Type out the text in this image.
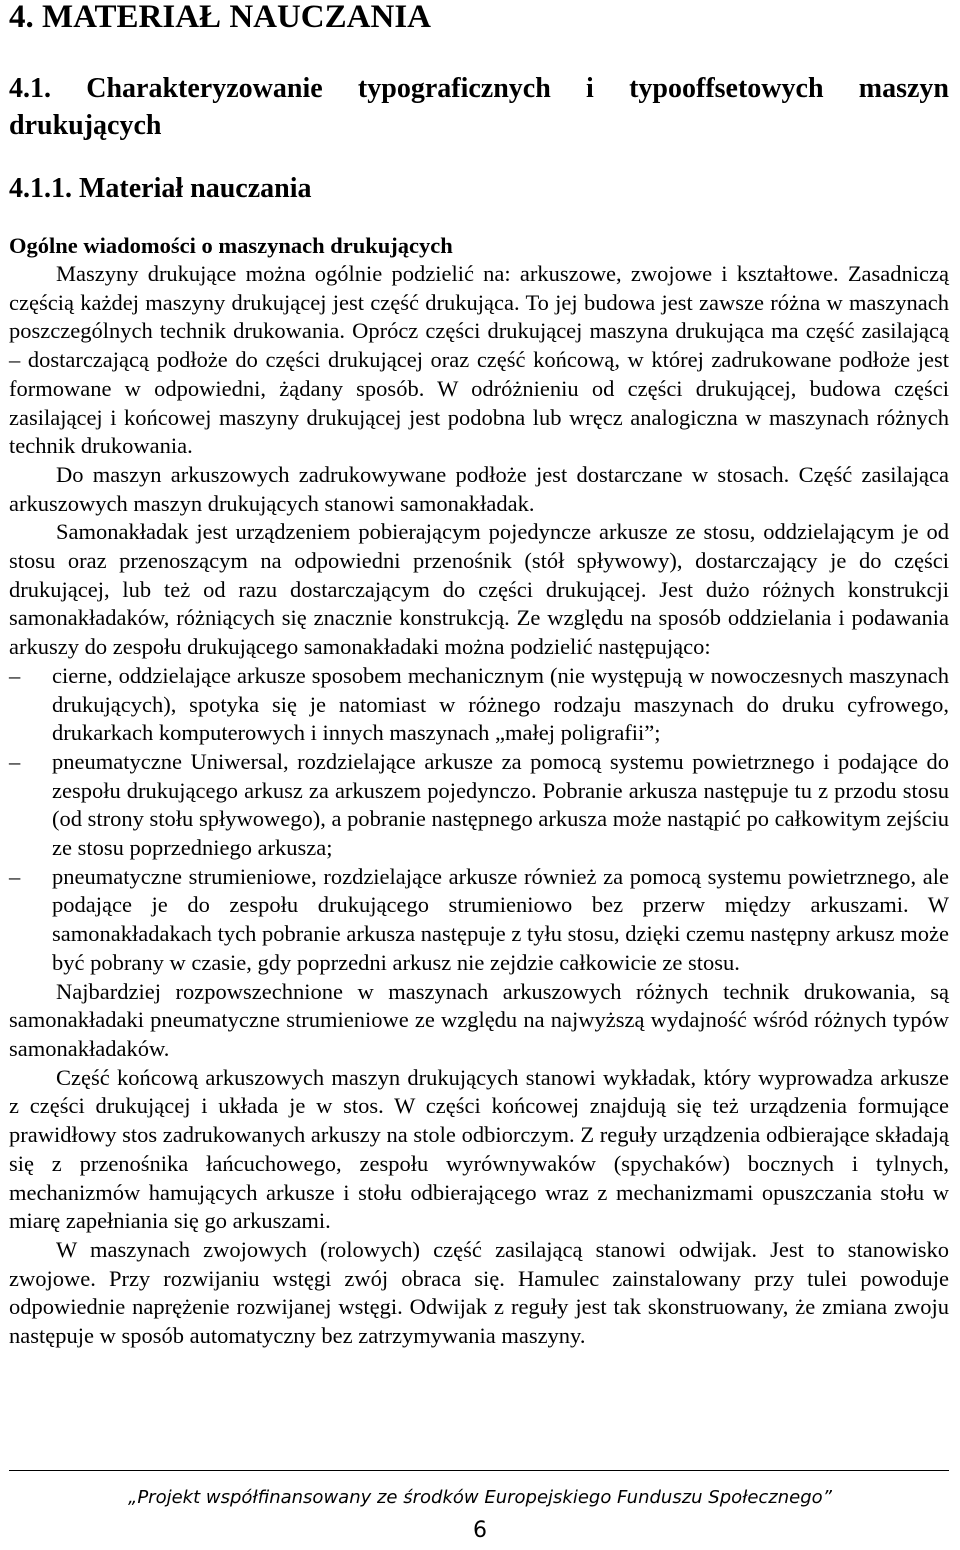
4. MATERIAŁ NAUCZANIA
4.1. Charakteryzowanie typograficznych i typooffsetowych maszyn drukujących
4.1.1. Materiał nauczania
Ogólne wiadomości o maszynach drukujących

Maszyny drukujące można ogólnie podzielić na: arkuszowe, zwojowe i kształtowe. Zasadniczą częścią każdej maszyny drukującej jest część drukująca. To jej budowa jest zawsze różna w maszynach poszczególnych technik drukowania. Oprócz części drukującej maszyna drukująca ma część zasilającą – dostarczającą podłoże do części drukującej oraz część końcową, w której zadrukowane podłoże jest formowane w odpowiedni, żądany sposób. W odróżnieniu od części drukującej, budowa części zasilającej i końcowej maszyny drukującej jest podobna lub wręcz analogiczna w maszynach różnych technik drukowania.

Do maszyn arkuszowych zadrukowywane podłoże jest dostarczane w stosach. Część zasilająca arkuszowych maszyn drukujących stanowi samonakładak.

Samonakładak jest urządzeniem pobierającym pojedyncze arkusze ze stosu, oddzielającym je od stosu oraz przenoszącym na odpowiedni przenośnik (stół spływowy), dostarczający je do części drukującej, lub też od razu dostarczającym do części drukującej. Jest dużo różnych konstrukcji samonakładaków, różniących się znacznie konstrukcją. Ze względu na sposób oddzielania i podawania arkuszy do zespołu drukującego samonakładaki można podzielić następująco:

– cierne, oddzielające arkusze sposobem mechanicznym (nie występują w nowoczesnych maszynach drukujących), spotyka się je natomiast w różnego rodzaju maszynach do druku cyfrowego, drukarkach komputerowych i innych maszynach „małej poligrafii”;
– pneumatyczne Uniwersal, rozdzielające arkusze za pomocą systemu powietrznego i podające do zespołu drukującego arkusz za arkuszem pojedynczo. Pobranie arkusza następuje tu z przodu stosu (od strony stołu spływowego), a pobranie następnego arkusza może nastąpić po całkowitym zejściu ze stosu poprzedniego arkusza;
– pneumatyczne strumieniowe, rozdzielające arkusze również za pomocą systemu powietrznego, ale podające je do zespołu drukującego strumieniowo bez przerw między arkuszami. W samonakładakach tych pobranie arkusza następuje z tyłu stosu, dzięki czemu następny arkusz może być pobrany w czasie, gdy poprzedni arkusz nie zejdzie całkowicie ze stosu.

Najbardziej rozpowszechnione w maszynach arkuszowych różnych technik drukowania, są samonakładaki pneumatyczne strumieniowe ze względu na najwyższą wydajność wśród różnych typów samonakładaków.

Część końcową arkuszowych maszyn drukujących stanowi wykładak, który wyprowadza arkusze z części drukującej i układa je w stos. W części końcowej znajdują się też urządzenia formujące prawidłowy stos zadrukowanych arkuszy na stole odbiorczym. Z reguły urządzenia odbierające składają się z przenośnika łańcuchowego, zespołu wyrównywaków (spychaków) bocznych i tylnych, mechanizmów hamujących arkusze i stołu odbierającego wraz z mechanizmami opuszczania stołu w miarę zapełniania się go arkuszami.

W maszynach zwojowych (rolowych) część zasilającą stanowi odwijak. Jest to stanowisko zwojowe. Przy rozwijaniu wstęgi zwój obraca się. Hamulec zainstalowany przy tulei powoduje odpowiednie naprężenie rozwijanej wstęgi. Odwijak z reguły jest tak skonstruowany, że zmiana zwoju następuje w sposób automatyczny bez zatrzymywania maszyny.

„Projekt współfinansowany ze środków Europejskiego Funduszu Społecznego”
6
